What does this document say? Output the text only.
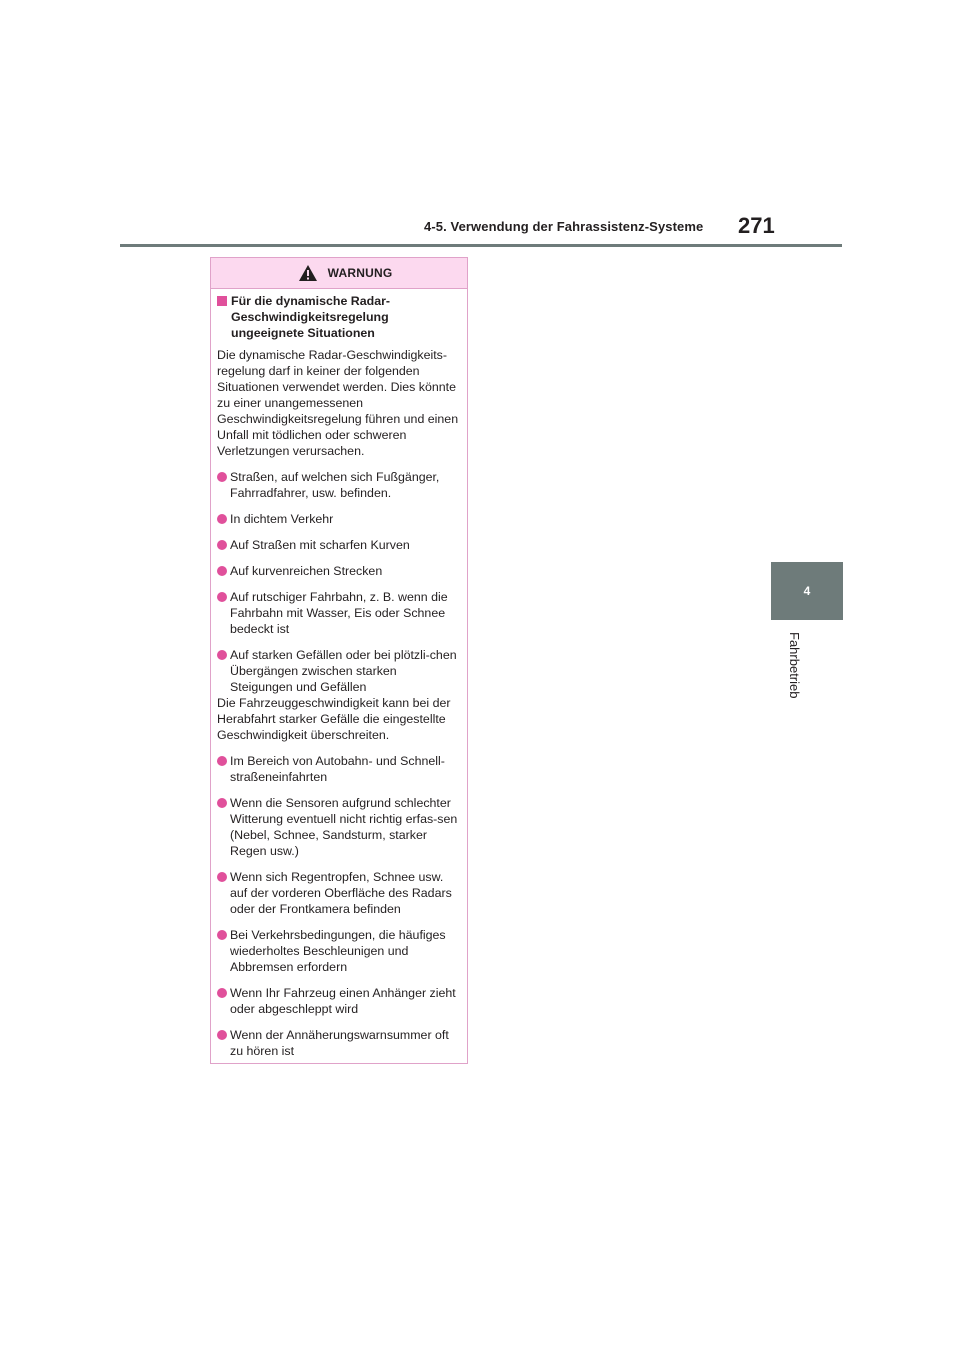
4-5. Verwendung der Fahrassistenz-Systeme 271
4
Fahrbetrieb
WARNUNG
Für die dynamische Radar-Geschwindigkeitsregelung ungeeignete Situationen

Die dynamische Radar-Geschwindigkeits-regelung darf in keiner der folgenden Situationen verwendet werden. Dies könnte zu einer unangemessenen Geschwindigkeitsregelung führen und einen Unfall mit tödlichen oder schweren Verletzungen verursachen.

Straßen, auf welchen sich Fußgänger, Fahrradfahrer, usw. befinden.
In dichtem Verkehr
Auf Straßen mit scharfen Kurven
Auf kurvenreichen Strecken
Auf rutschiger Fahrbahn, z. B. wenn die Fahrbahn mit Wasser, Eis oder Schnee bedeckt ist
Auf starken Gefällen oder bei plötzli-chen Übergängen zwischen starken Steigungen und Gefällen

Die Fahrzeuggeschwindigkeit kann bei der Herabfahrt starker Gefälle die eingestellte Geschwindigkeit überschreiten.

Im Bereich von Autobahn- und Schnell-straßeneinfahrten
Wenn die Sensoren aufgrund schlechter Witterung eventuell nicht richtig erfas-sen (Nebel, Schnee, Sandsturm, starker Regen usw.)
Wenn sich Regentropfen, Schnee usw. auf der vorderen Oberfläche des Radars oder der Frontkamera befinden
Bei Verkehrsbedingungen, die häufiges wiederholtes Beschleunigen und Abbremsen erfordern
Wenn Ihr Fahrzeug einen Anhänger zieht oder abgeschleppt wird
Wenn der Annäherungswarnsummer oft zu hören ist
